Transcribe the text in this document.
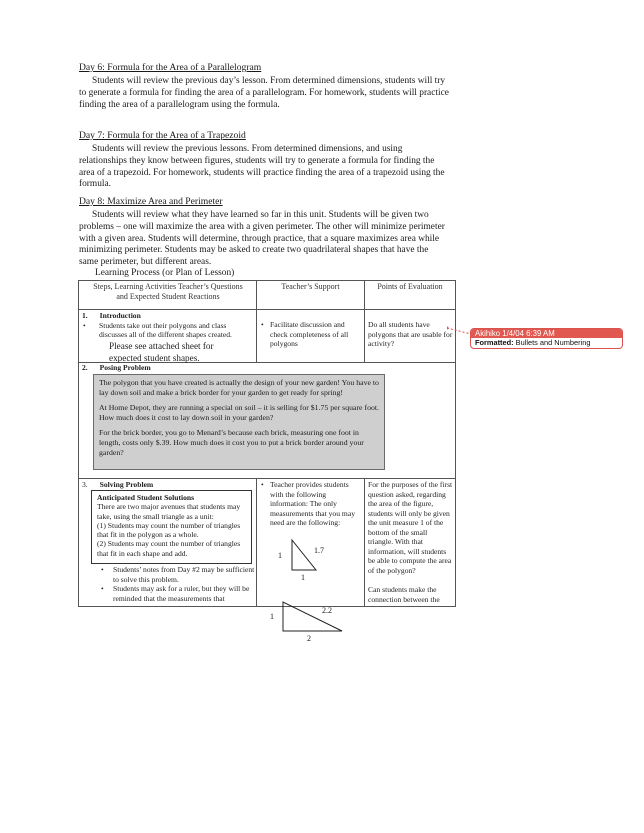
Day 6: Formula for the Area of a Parallelogram

Students will review the previous day’s lesson. From determined dimensions, students will try to generate a formula for finding the area of a parallelogram. For homework, students will practice finding the area of a parallelogram using the formula.

Day 7: Formula for the Area of a Trapezoid

Students will review the previous lessons. From determined dimensions, and using relationships they know between figures, students will try to generate a formula for finding the area of a trapezoid. For homework, students will practice finding the area of a trapezoid using the formula.

Day 8: Maximize Area and Perimeter

Students will review what they have learned so far in this unit. Students will be given two problems – one will maximize the area with a given perimeter. The other will minimize perimeter with a given area. Students will determine, through practice, that a square maximizes area while minimizing perimeter. Students may be asked to create two quadrilateral shapes that have the same perimeter, but different areas.

Learning Process (or Plan of Lesson)
Steps, Learning Activities Teacher’s Questions and Expected Student Reactions
Teacher’s Support	Points of Evaluation
1. Introduction
• Students take out their polygons and class discusses all of the different shapes created.
Please see attached sheet for expected student shapes.
• Facilitate discussion and check completeness of all polygons
Do all students have polygons that are usable for activity?
2. Posing Problem

The polygon that you have created is actually the design of your new garden! You have to lay down soil and make a brick border for your garden to get ready for spring!

At Home Depot, they are running a special on soil – it is selling for $1.75 per square foot. How much does it cost to lay down soil in your garden?

For the brick border, you go to Menard’s because each brick, measuring one foot in length, costs only $.39. How much does it cost you to put a brick border around your garden?

3. Solving Problem
Anticipated Student Solutions
There are two major avenues that students may take, using the small triangle as a unit:
(1) Students may count the number of triangles that fit in the polygon as a whole.
(2) Students may count the number of triangles that fit in each shape and add.
• Students’ notes from Day #2 may be sufficient to solve this problem.
• Students may ask for a ruler, but they will be reminded that the measurements that
• Teacher provides students with the following information: The only measurements that you may need are the following:
For the purposes of the first question asked, regarding the area of the figure, students will only be given the unit measure 1 of the bottom of the small triangle. With that information, will students be able to compute the area of the polygon?
Can students make the connection between the
1
1.7
1
1
2.2
2
Akihiko 1/4/04 6:39 AM
Formatted: Bullets and Numbering
